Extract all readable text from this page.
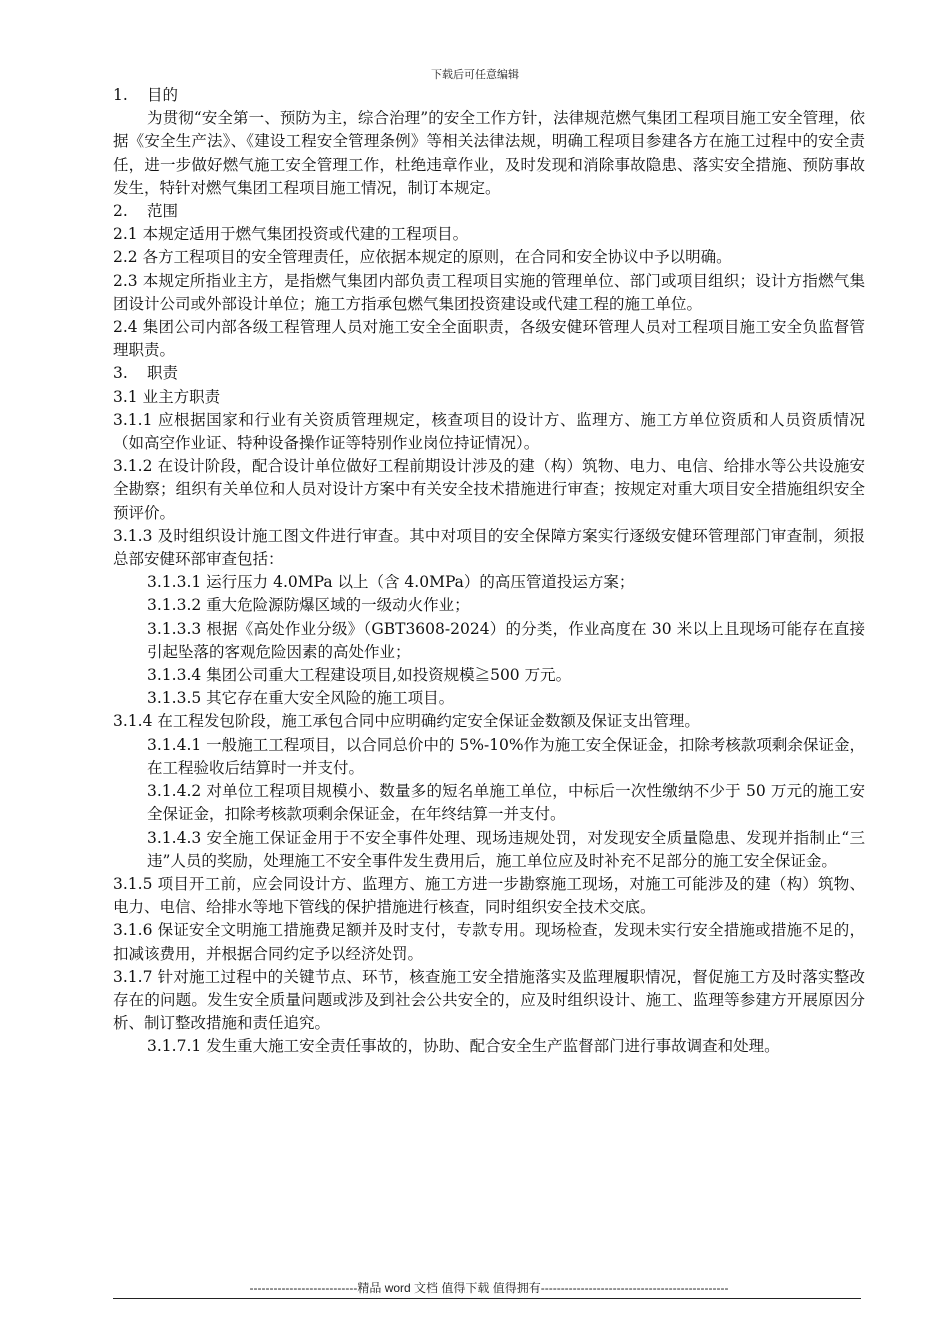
下载后可任意编辑

1. 目的

为贯彻“安全第一、预防为主，综合治理”的安全工作方针，法律规范燃气集团工程项目施工安全管理，依据《安全生产法》、《建设工程安全管理条例》等相关法律法规，明确工程项目参建各方在施工过程中的安全责任，进一步做好燃气施工安全管理工作，杜绝违章作业，及时发现和消除事故隐患、落实安全措施、预防事故发生，特针对燃气集团工程项目施工情况，制订本规定。

2. 范围

2.1 本规定适用于燃气集团投资或代建的工程项目。

2.2 各方工程项目的安全管理责任，应依据本规定的原则，在合同和安全协议中予以明确。

2.3 本规定所指业主方，是指燃气集团内部负责工程项目实施的管理单位、部门或项目组织；设计方指燃气集团设计公司或外部设计单位；施工方指承包燃气集团投资建设或代建工程的施工单位。

2.4 集团公司内部各级工程管理人员对施工安全全面职责，各级安健环管理人员对工程项目施工安全负监督管理职责。

3. 职责

3.1 业主方职责

3.1.1 应根据国家和行业有关资质管理规定，核查项目的设计方、监理方、施工方单位资质和人员资质情况（如高空作业证、特种设备操作证等特别作业岗位持证情况）。

3.1.2 在设计阶段，配合设计单位做好工程前期设计涉及的建（构）筑物、电力、电信、给排水等公共设施安全勘察；组织有关单位和人员对设计方案中有关安全技术措施进行审查；按规定对重大项目安全措施组织安全预评价。

3.1.3 及时组织设计施工图文件进行审查。其中对项目的安全保障方案实行逐级安健环管理部门审查制，须报总部安健环部审查包括：

3.1.3.1 运行压力 4.0MPa 以上（含 4.0MPa）的高压管道投运方案；

3.1.3.2 重大危险源防爆区域的一级动火作业；

3.1.3.3 根据《高处作业分级》（GBT3608-2024）的分类，作业高度在 30 米以上且现场可能存在直接引起坠落的客观危险因素的高处作业；

3.1.3.4 集团公司重大工程建设项目,如投资规模≧500 万元。

3.1.3.5 其它存在重大安全风险的施工项目。

3.1.4 在工程发包阶段，施工承包合同中应明确约定安全保证金数额及保证支出管理。

3.1.4.1 一般施工工程项目，以合同总价中的 5%-10%作为施工安全保证金，扣除考核款项剩余保证金，在工程验收后结算时一并支付。

3.1.4.2 对单位工程项目规模小、数量多的短名单施工单位，中标后一次性缴纳不少于 50 万元的施工安全保证金，扣除考核款项剩余保证金，在年终结算一并支付。

3.1.4.3 安全施工保证金用于不安全事件处理、现场违规处罚，对发现安全质量隐患、发现并指制止“三违”人员的奖励，处理施工不安全事件发生费用后，施工单位应及时补充不足部分的施工安全保证金。

3.1.5 项目开工前，应会同设计方、监理方、施工方进一步勘察施工现场，对施工可能涉及的建（构）筑物、电力、电信、给排水等地下管线的保护措施进行核查，同时组织安全技术交底。

3.1.6 保证安全文明施工措施费足额并及时支付，专款专用。现场检查，发现未实行安全措施或措施不足的，扣减该费用，并根据合同约定予以经济处罚。

3.1.7 针对施工过程中的关键节点、环节，核查施工安全措施落实及监理履职情况，督促施工方及时落实整改存在的问题。发生安全质量问题或涉及到社会公共安全的，应及时组织设计、施工、监理等参建方开展原因分析、制订整改措施和责任追究。

3.1.7.1 发生重大施工安全责任事故的，协助、配合安全生产监督部门进行事故调查和处理。

---------------------------精品 word 文档 值得下载 值得拥有-----------------------------------------------
